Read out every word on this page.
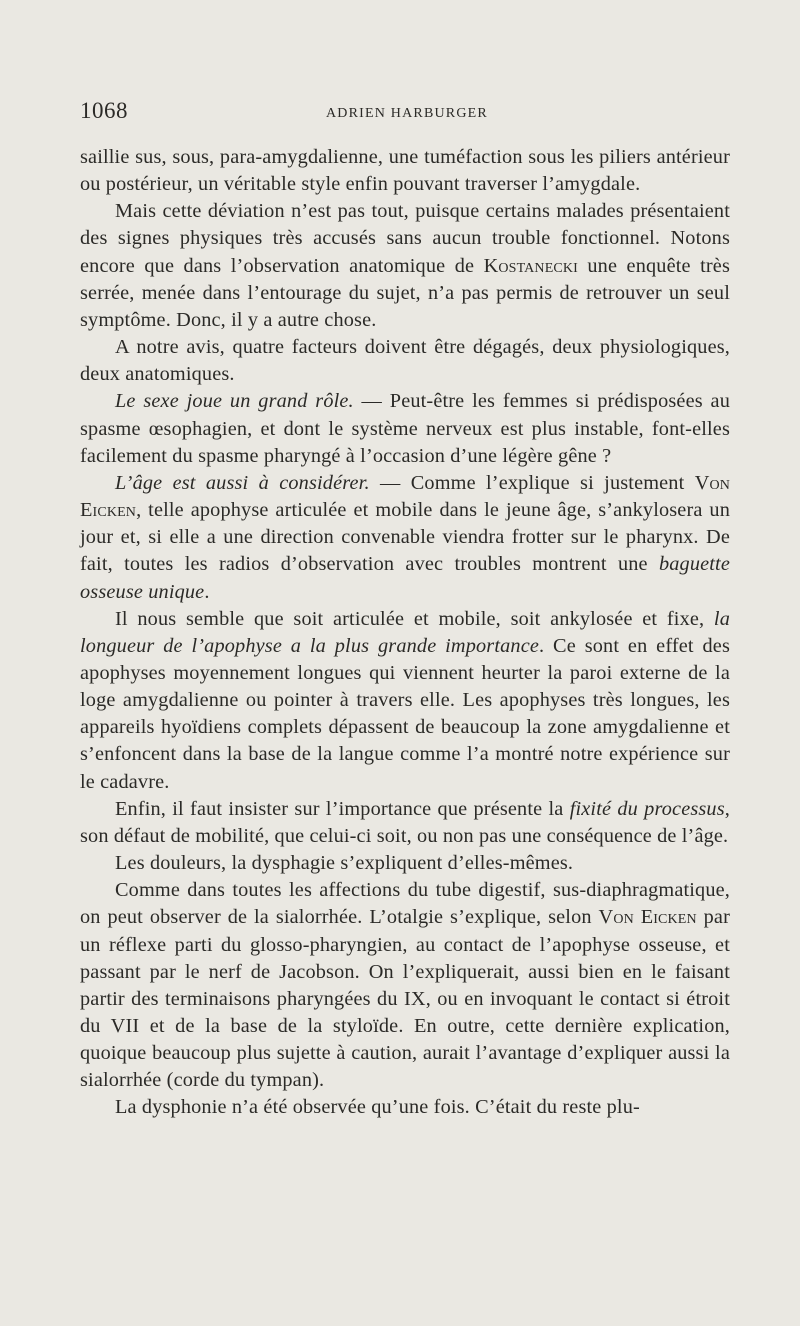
1068	ADRIEN HARBURGER

saillie sus, sous, para-amygdalienne, une tuméfaction sous les piliers antérieur ou postérieur, un véritable style enfin pouvant traverser l’amygdale.

Mais cette déviation n’est pas tout, puisque certains malades présentaient des signes physiques très accusés sans aucun trouble fonctionnel. Notons encore que dans l’observation anatomique de Kostanecki une enquête très serrée, menée dans l’entourage du sujet, n’a pas permis de retrouver un seul symptôme. Donc, il y a autre chose.

A notre avis, quatre facteurs doivent être dégagés, deux physiologiques, deux anatomiques.

Le sexe joue un grand rôle. — Peut-être les femmes si prédisposées au spasme œsophagien, et dont le système nerveux est plus instable, font-elles facilement du spasme pharyngé à l’occasion d’une légère gêne ?

L’âge est aussi à considérer. — Comme l’explique si justement Von Eicken, telle apophyse articulée et mobile dans le jeune âge, s’ankylosera un jour et, si elle a une direction convenable viendra frotter sur le pharynx. De fait, toutes les radios d’observation avec troubles montrent une baguette osseuse unique.

Il nous semble que soit articulée et mobile, soit ankylosée et fixe, la longueur de l’apophyse a la plus grande importance. Ce sont en effet des apophyses moyennement longues qui viennent heurter la paroi externe de la loge amygdalienne ou pointer à travers elle. Les apophyses très longues, les appareils hyoïdiens complets dépassent de beaucoup la zone amygdalienne et s’enfoncent dans la base de la langue comme l’a montré notre expérience sur le cadavre.

Enfin, il faut insister sur l’importance que présente la fixité du processus, son défaut de mobilité, que celui-ci soit, ou non pas une conséquence de l’âge.

Les douleurs, la dysphagie s’expliquent d’elles-mêmes.

Comme dans toutes les affections du tube digestif, sus-diaphragmatique, on peut observer de la sialorrhée. L’otalgie s’explique, selon Von Eicken par un réflexe parti du glosso-pharyngien, au contact de l’apophyse osseuse, et passant par le nerf de Jacobson. On l’expliquerait, aussi bien en le faisant partir des terminaisons pharyngées du IX, ou en invoquant le contact si étroit du VII et de la base de la styloïde. En outre, cette dernière explication, quoique beaucoup plus sujette à caution, aurait l’avantage d’expliquer aussi la sialorrhée (corde du tympan).

La dysphonie n’a été observée qu’une fois. C’était du reste plu-
